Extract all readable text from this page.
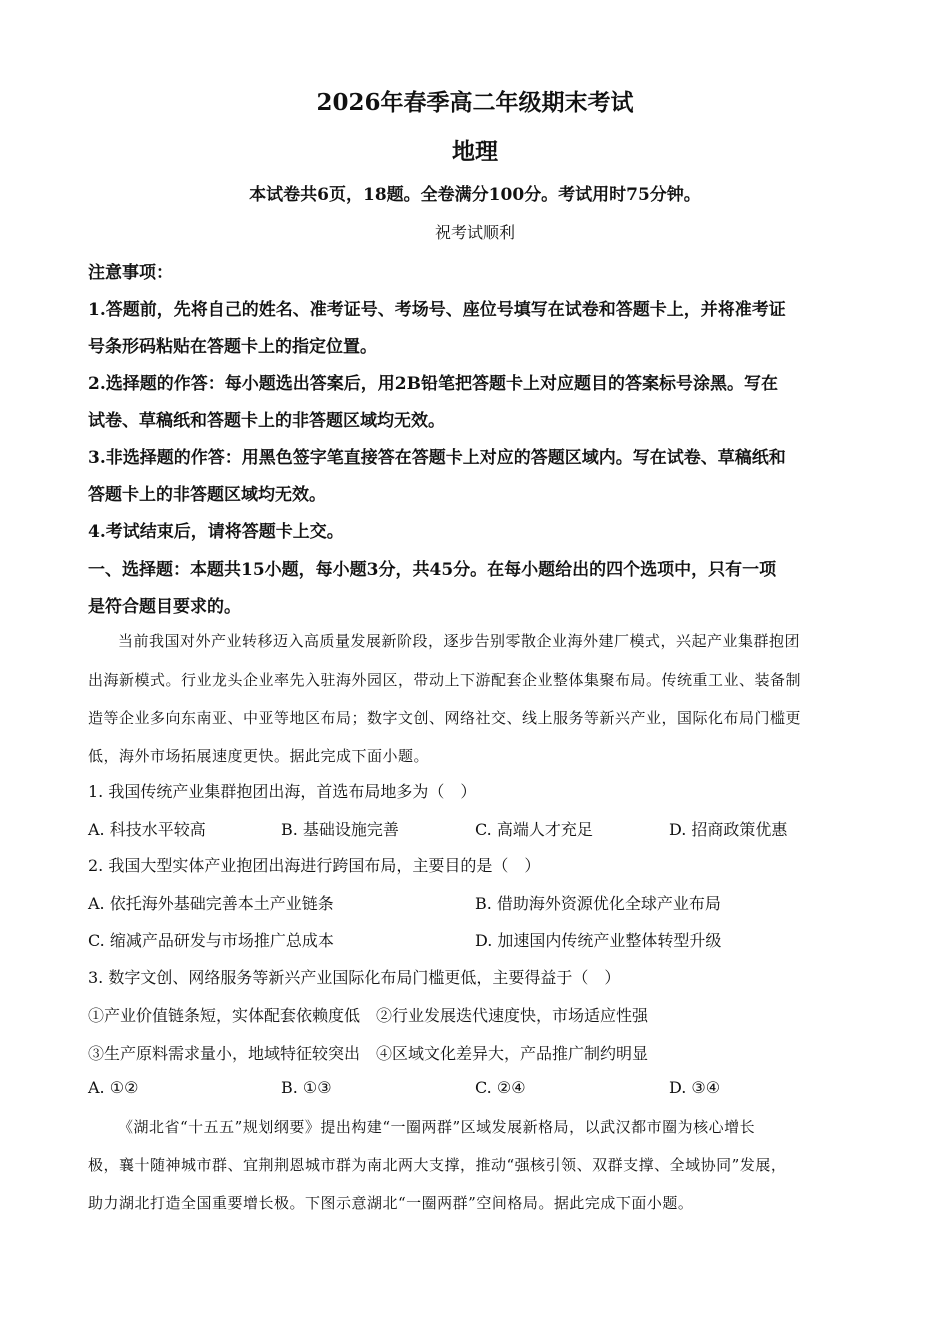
2026年春季高二年级期末考试
地理
本试卷共6页，18题。全卷满分100分。考试用时75分钟。
祝考试顺利
注意事项：
1.答题前，先将自己的姓名、准考证号、考场号、座位号填写在试卷和答题卡上，并将准考证
号条形码粘贴在答题卡上的指定位置。
2.选择题的作答：每小题选出答案后，用2B铅笔把答题卡上对应题目的答案标号涂黑。写在
试卷、草稿纸和答题卡上的非答题区域均无效。
3.非选择题的作答：用黑色签字笔直接答在答题卡上对应的答题区域内。写在试卷、草稿纸和
答题卡上的非答题区域均无效。
4.考试结束后，请将答题卡上交。
一、选择题：本题共15小题，每小题3分，共45分。在每小题给出的四个选项中，只有一项
是符合题目要求的。
当前我国对外产业转移迈入高质量发展新阶段，逐步告别零散企业海外建厂模式，兴起产业集群抱团
出海新模式。行业龙头企业率先入驻海外园区，带动上下游配套企业整体集聚布局。传统重工业、装备制
造等企业多向东南亚、中亚等地区布局；数字文创、网络社交、线上服务等新兴产业，国际化布局门槛更
低，海外市场拓展速度更快。据此完成下面小题。
1. 我国传统产业集群抱团出海，首选布局地多为（　）
A. 科技水平较高	B. 基础设施完善	C. 高端人才充足	D. 招商政策优惠
2. 我国大型实体产业抱团出海进行跨国布局，主要目的是（　）
A. 依托海外基础完善本土产业链条	B. 借助海外资源优化全球产业布局
C. 缩减产品研发与市场推广总成本	D. 加速国内传统产业整体转型升级
3. 数字文创、网络服务等新兴产业国际化布局门槛更低，主要得益于（　）
①产业价值链条短，实体配套依赖度低　②行业发展迭代速度快，市场适应性强
③生产原料需求量小，地域特征较突出　④区域文化差异大，产品推广制约明显
A. ①②	B. ①③	C. ②④	D. ③④
《湖北省“十五五”规划纲要》提出构建“一圈两群”区域发展新格局，以武汉都市圈为核心增长
极，襄十随神城市群、宜荆荆恩城市群为南北两大支撑，推动“强核引领、双群支撑、全域协同”发展，
助力湖北打造全国重要增长极。下图示意湖北“一圈两群”空间格局。据此完成下面小题。
